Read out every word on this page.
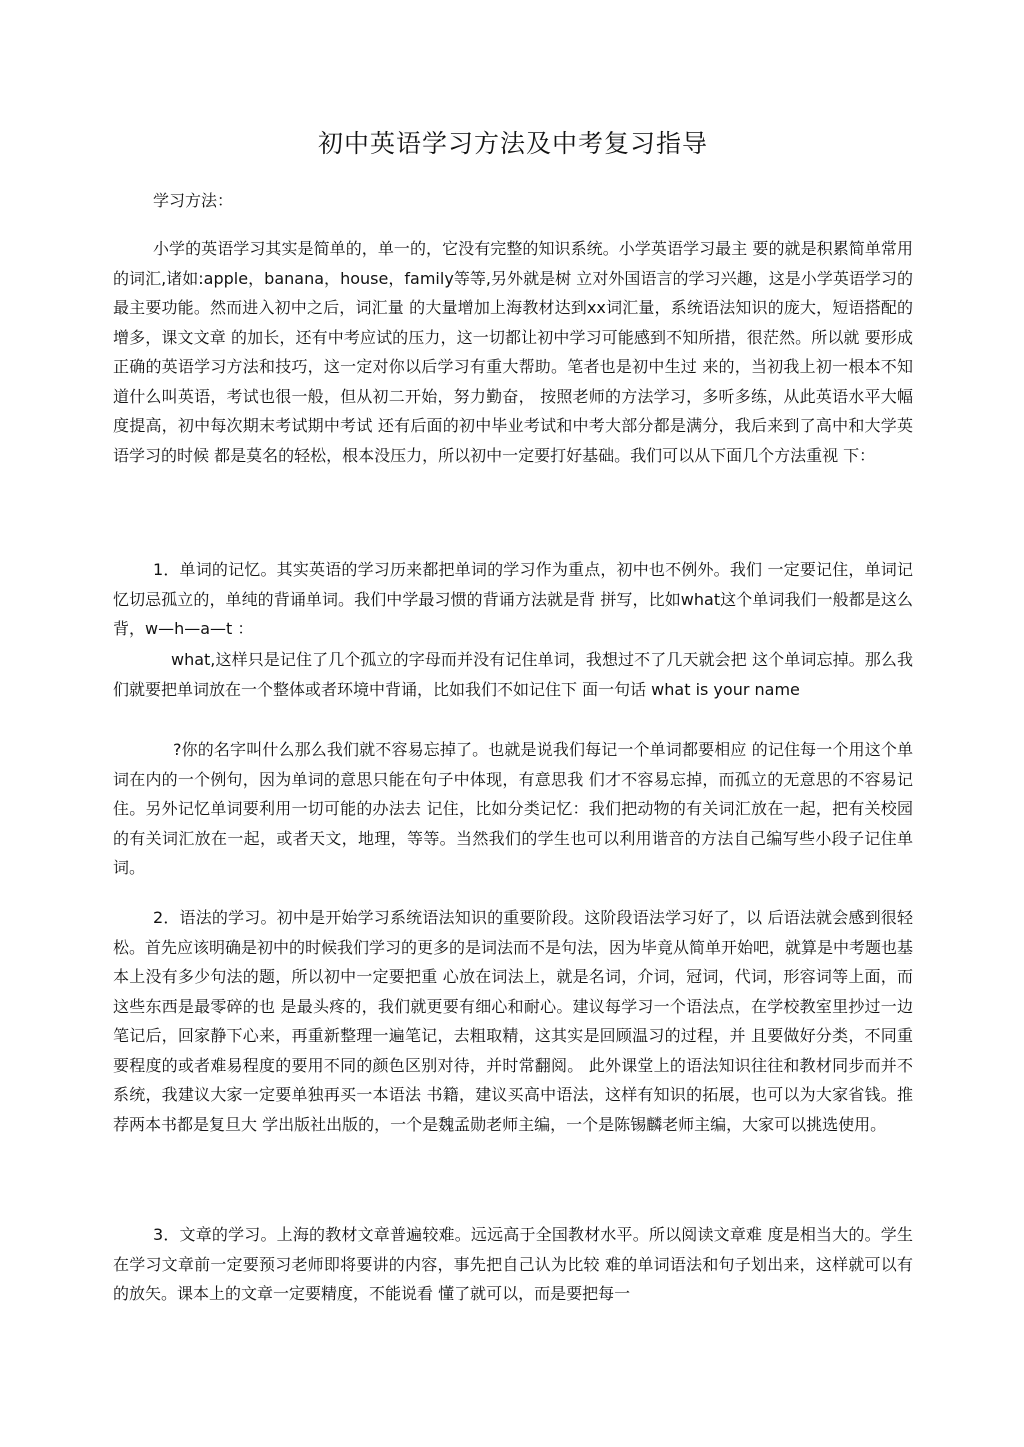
初中英语学习方法及中考复习指导

学习方法：

小学的英语学习其实是简单的，单一的，它没有完整的知识系统。小学英语学习最主 要的就是积累简单常用的词汇,诸如:apple，banana，house，family等等,另外就是树 立对外国语言的学习兴趣，这是小学英语学习的最主要功能。然而进入初中之后，词汇量 的大量增加上海教材达到xx词汇量，系统语法知识的庞大，短语搭配的增多，课文文章 的加长，还有中考应试的压力，这一切都让初中学习可能感到不知所措，很茫然。所以就 要形成正确的英语学习方法和技巧，这一定对你以后学习有重大帮助。笔者也是初中生过 来的，当初我上初一根本不知道什么叫英语，考试也很一般，但从初二开始，努力勤奋， 按照老师的方法学习，多听多练，从此英语水平大幅度提高，初中每次期末考试期中考试 还有后面的初中毕业考试和中考大部分都是满分，我后来到了高中和大学英语学习的时候 都是莫名的轻松，根本没压力，所以初中一定要打好基础。我们可以从下面几个方法重视 下：

1．单词的记忆。其实英语的学习历来都把单词的学习作为重点，初中也不例外。我们 一定要记住，单词记忆切忌孤立的，单纯的背诵单词。我们中学最习惯的背诵方法就是背 拼写，比如what这个单词我们一般都是这么背，w—h—a—t ：

what,这样只是记住了几个孤立的字母而并没有记住单词，我想过不了几天就会把 这个单词忘掉。那么我们就要把单词放在一个整体或者环境中背诵，比如我们不如记住下 面一句话 what is your name

?你的名字叫什么那么我们就不容易忘掉了。也就是说我们每记一个单词都要相应 的记住每一个用这个单词在内的一个例句，因为单词的意思只能在句子中体现，有意思我 们才不容易忘掉，而孤立的无意思的不容易记住。另外记忆单词要利用一切可能的办法去 记住，比如分类记忆：我们把动物的有关词汇放在一起，把有关校园的有关词汇放在一起，或者天文，地理，等等。当然我们的学生也可以利用谐音的方法自己编写些小段子记住单 词。

2．语法的学习。初中是开始学习系统语法知识的重要阶段。这阶段语法学习好了，以 后语法就会感到很轻松。首先应该明确是初中的时候我们学习的更多的是词法而不是句法，因为毕竟从简单开始吧，就算是中考题也基本上没有多少句法的题，所以初中一定要把重 心放在词法上，就是名词，介词，冠词，代词，形容词等上面，而这些东西是最零碎的也 是最头疼的，我们就更要有细心和耐心。建议每学习一个语法点，在学校教室里抄过一边 笔记后，回家静下心来，再重新整理一遍笔记，去粗取精，这其实是回顾温习的过程，并 且要做好分类，不同重要程度的或者难易程度的要用不同的颜色区别对待，并时常翻阅。 此外课堂上的语法知识往往和教材同步而并不系统，我建议大家一定要单独再买一本语法 书籍，建议买高中语法，这样有知识的拓展，也可以为大家省钱。推荐两本书都是复旦大 学出版社出版的，一个是魏孟勋老师主编，一个是陈锡麟老师主编，大家可以挑选使用。

3．文章的学习。上海的教材文章普遍较难。远远高于全国教材水平。所以阅读文章难 度是相当大的。学生在学习文章前一定要预习老师即将要讲的内容，事先把自己认为比较 难的单词语法和句子划出来，这样就可以有的放矢。课本上的文章一定要精度，不能说看 懂了就可以，而是要把每一
